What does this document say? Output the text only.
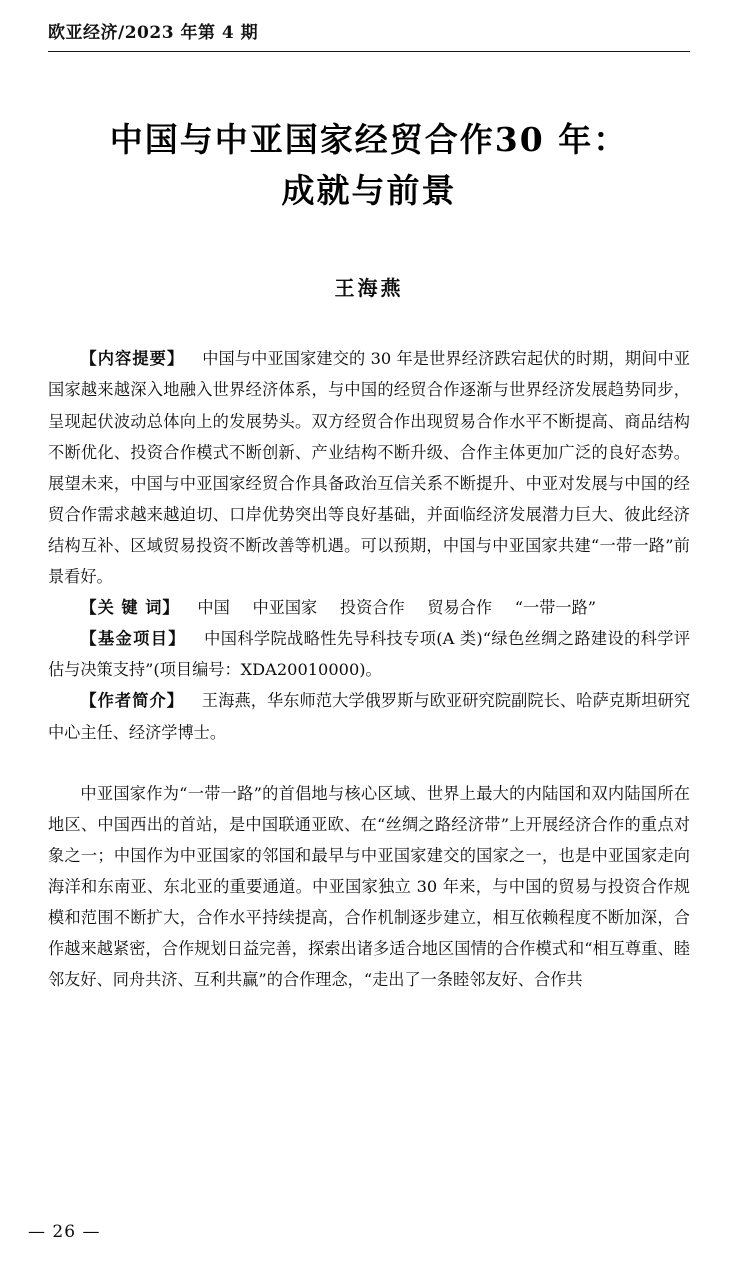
欧亚经济/2023 年第 4 期
中国与中亚国家经贸合作30 年：
成就与前景
王海燕

【内容提要】 中国与中亚国家建交的 30 年是世界经济跌宕起伏的时期，期间中亚国家越来越深入地融入世界经济体系，与中国的经贸合作逐渐与世界经济发展趋势同步，呈现起伏波动总体向上的发展势头。双方经贸合作出现贸易合作水平不断提高、商品结构不断优化、投资合作模式不断创新、产业结构不断升级、合作主体更加广泛的良好态势。展望未来，中国与中亚国家经贸合作具备政治互信关系不断提升、中亚对发展与中国的经贸合作需求越来越迫切、口岸优势突出等良好基础，并面临经济发展潜力巨大、彼此经济结构互补、区域贸易投资不断改善等机遇。可以预期，中国与中亚国家共建“一带一路”前景看好。

【关 键 词】 中国 中亚国家 投资合作 贸易合作 “一带一路”

【基金项目】 中国科学院战略性先导科技专项(A 类)“绿色丝绸之路建设的科学评估与决策支持”(项目编号：XDA20010000)。

【作者简介】 王海燕，华东师范大学俄罗斯与欧亚研究院副院长、哈萨克斯坦研究中心主任、经济学博士。

中亚国家作为“一带一路”的首倡地与核心区域、世界上最大的内陆国和双内陆国所在地区、中国西出的首站，是中国联通亚欧、在“丝绸之路经济带”上开展经济合作的重点对象之一；中国作为中亚国家的邻国和最早与中亚国家建交的国家之一，也是中亚国家走向海洋和东南亚、东北亚的重要通道。中亚国家独立 30 年来，与中国的贸易与投资合作规模和范围不断扩大，合作水平持续提高，合作机制逐步建立，相互依赖程度不断加深，合作越来越紧密，合作规划日益完善，探索出诸多适合地区国情的合作模式和“相互尊重、睦邻友好、同舟共济、互利共赢”的合作理念，“走出了一条睦邻友好、合作共

— 26 —
